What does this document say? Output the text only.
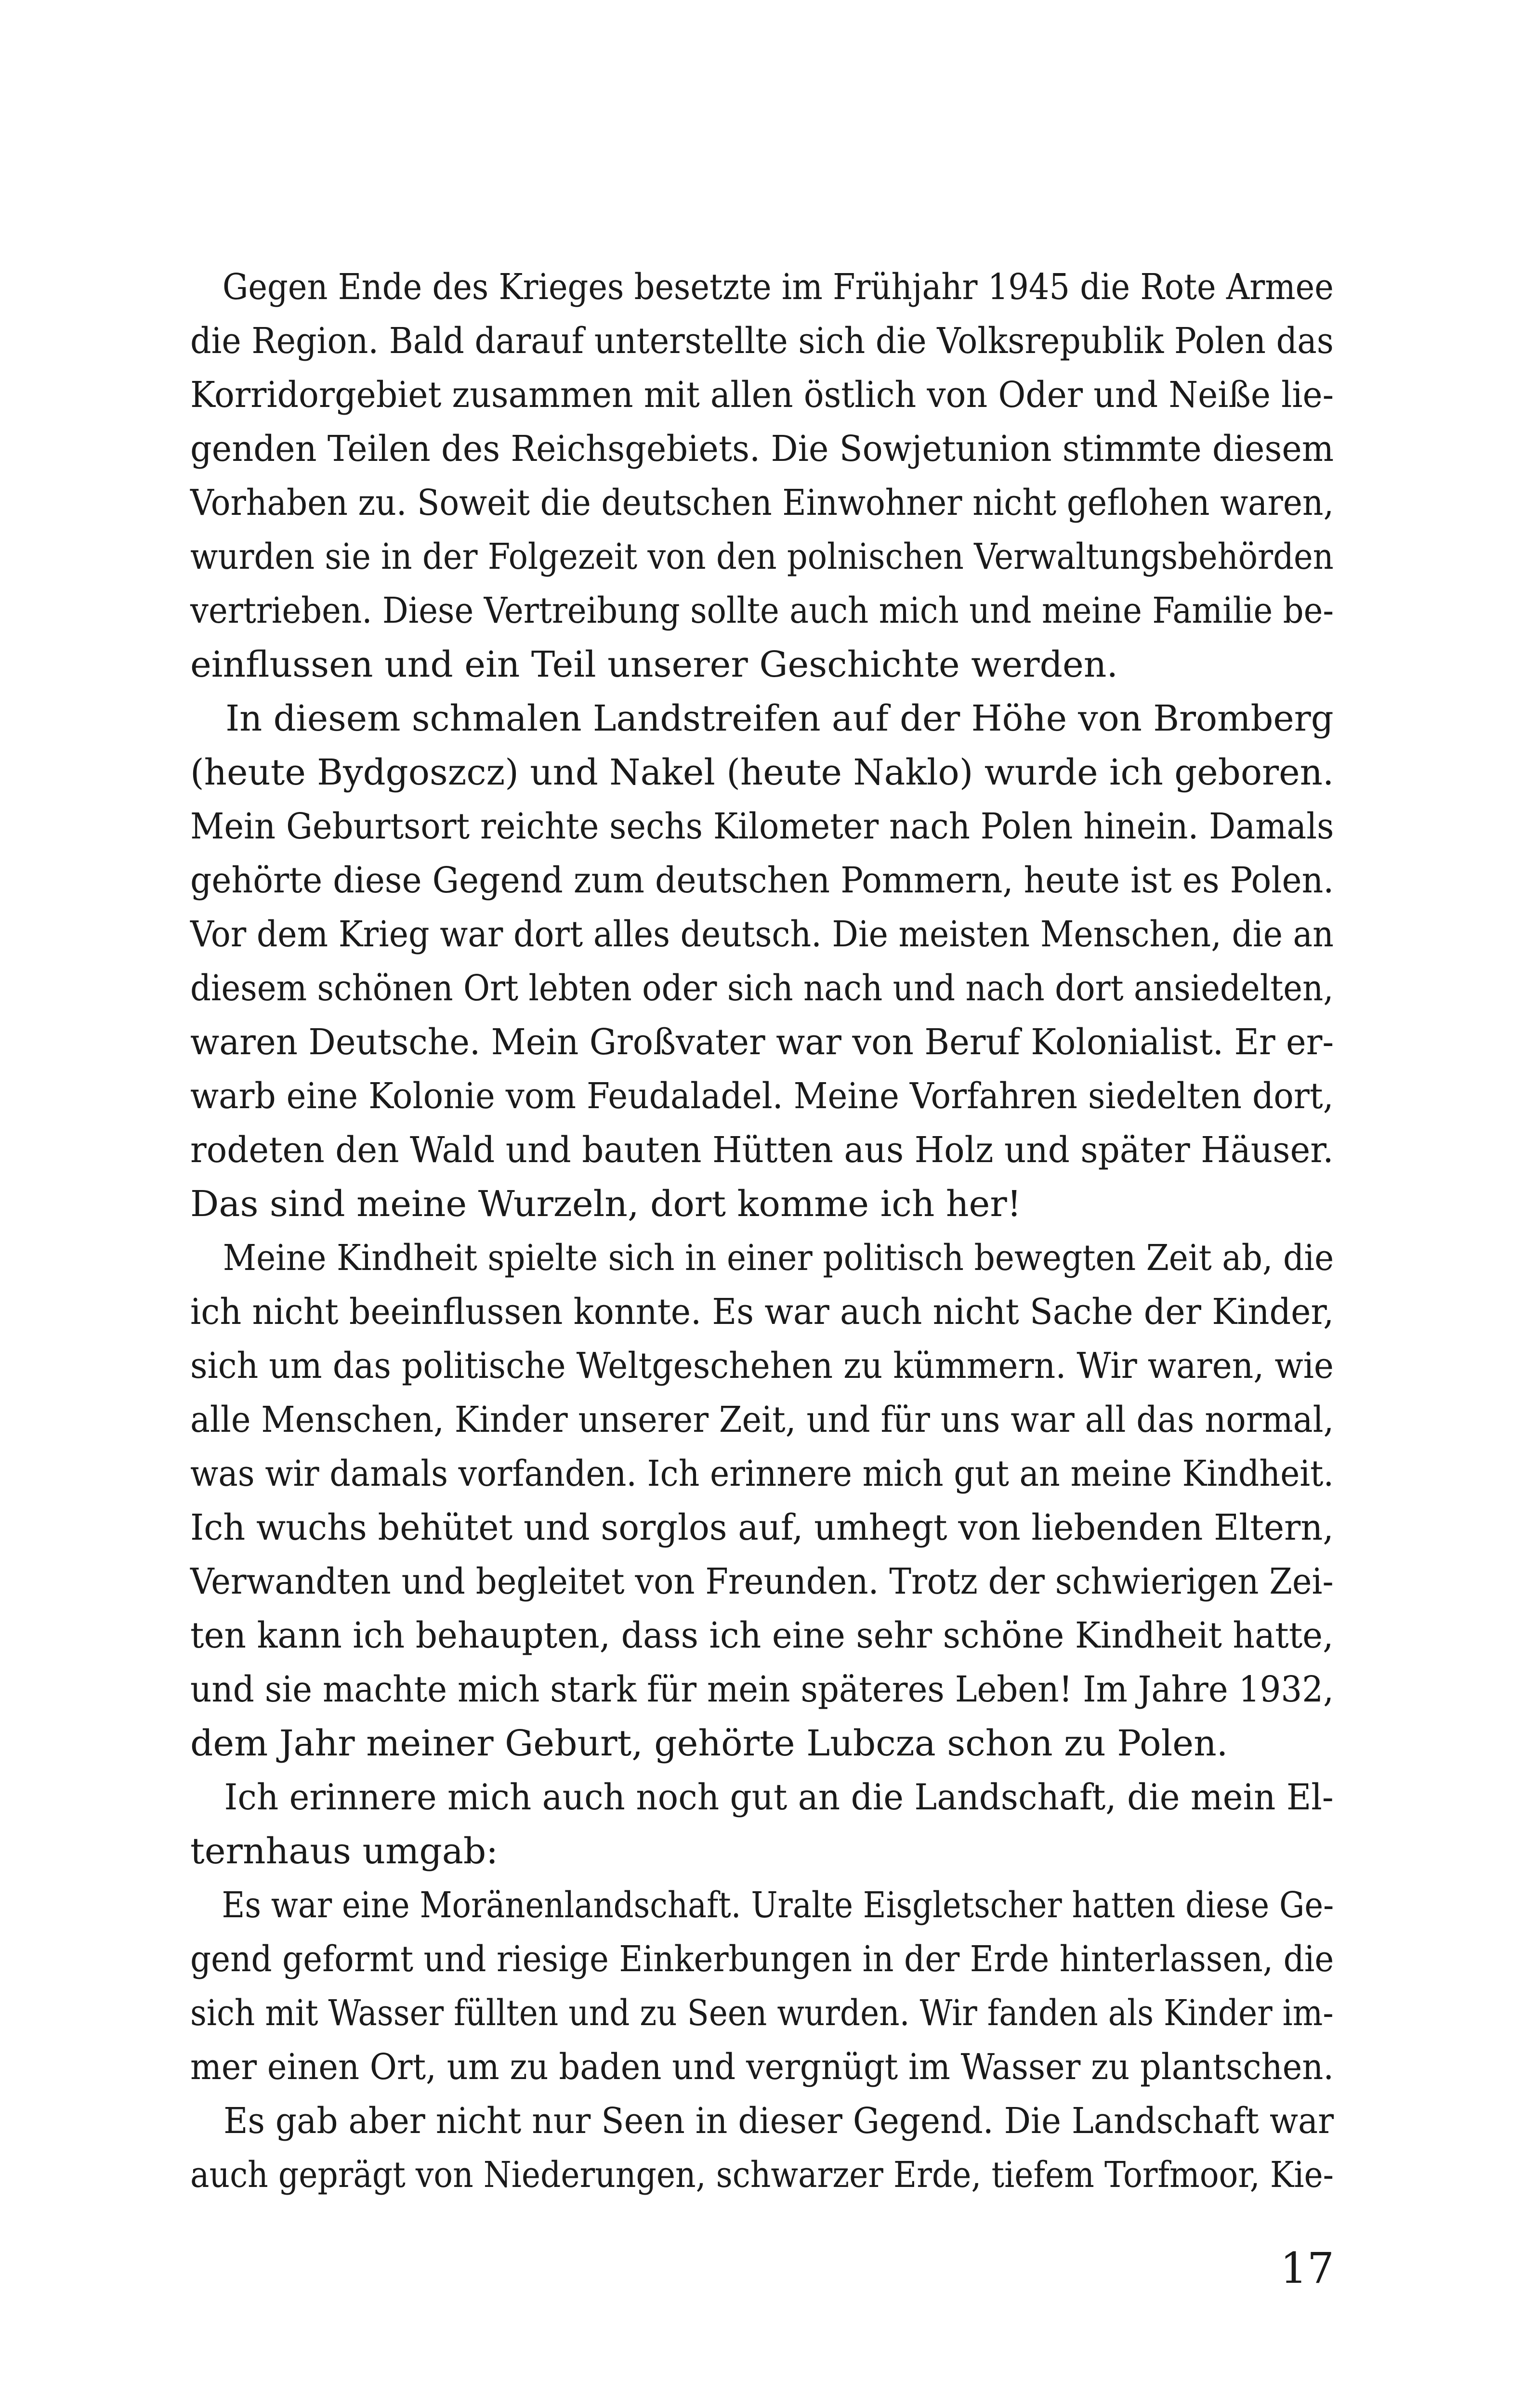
 Gegen Ende des Krieges besetzte im Frühjahr 1945 die Rote Armee
die Region. Bald darauf unterstellte sich die Volksrepublik Polen das
Korridorgebiet zusammen mit allen östlich von Oder und Neiße lie-
genden Teilen des Reichsgebiets. Die Sowjetunion stimmte diesem
Vorhaben zu. Soweit die deutschen Einwohner nicht geflohen waren,
wurden sie in der Folgezeit von den polnischen Verwaltungsbehörden
vertrieben. Diese Vertreibung sollte auch mich und meine Familie be-
einflussen und ein Teil unserer Geschichte werden.
 In diesem schmalen Landstreifen auf der Höhe von Bromberg
(heute Bydgoszcz) und Nakel (heute Naklo) wurde ich geboren.
Mein Geburtsort reichte sechs Kilometer nach Polen hinein. Damals
gehörte diese Gegend zum deutschen Pommern, heute ist es Polen.
Vor dem Krieg war dort alles deutsch. Die meisten Menschen, die an
diesem schönen Ort lebten oder sich nach und nach dort ansiedelten,
waren Deutsche. Mein Großvater war von Beruf Kolonialist. Er er-
warb eine Kolonie vom Feudaladel. Meine Vorfahren siedelten dort,
rodeten den Wald und bauten Hütten aus Holz und später Häuser.
Das sind meine Wurzeln, dort komme ich her!
 Meine Kindheit spielte sich in einer politisch bewegten Zeit ab, die
ich nicht beeinflussen konnte. Es war auch nicht Sache der Kinder,
sich um das politische Weltgeschehen zu kümmern. Wir waren, wie
alle Menschen, Kinder unserer Zeit, und für uns war all das normal,
was wir damals vorfanden. Ich erinnere mich gut an meine Kindheit.
Ich wuchs behütet und sorglos auf, umhegt von liebenden Eltern,
Verwandten und begleitet von Freunden. Trotz der schwierigen Zei-
ten kann ich behaupten, dass ich eine sehr schöne Kindheit hatte,
und sie machte mich stark für mein späteres Leben! Im Jahre 1932,
dem Jahr meiner Geburt, gehörte Lubcza schon zu Polen.
 Ich erinnere mich auch noch gut an die Landschaft, die mein El-
ternhaus umgab:
 Es war eine Moränenlandschaft. Uralte Eisgletscher hatten diese Ge-
gend geformt und riesige Einkerbungen in der Erde hinterlassen, die
sich mit Wasser füllten und zu Seen wurden. Wir fanden als Kinder im-
mer einen Ort, um zu baden und vergnügt im Wasser zu plantschen.
 Es gab aber nicht nur Seen in dieser Gegend. Die Landschaft war
auch geprägt von Niederungen, schwarzer Erde, tiefem Torfmoor, Kie-
17
